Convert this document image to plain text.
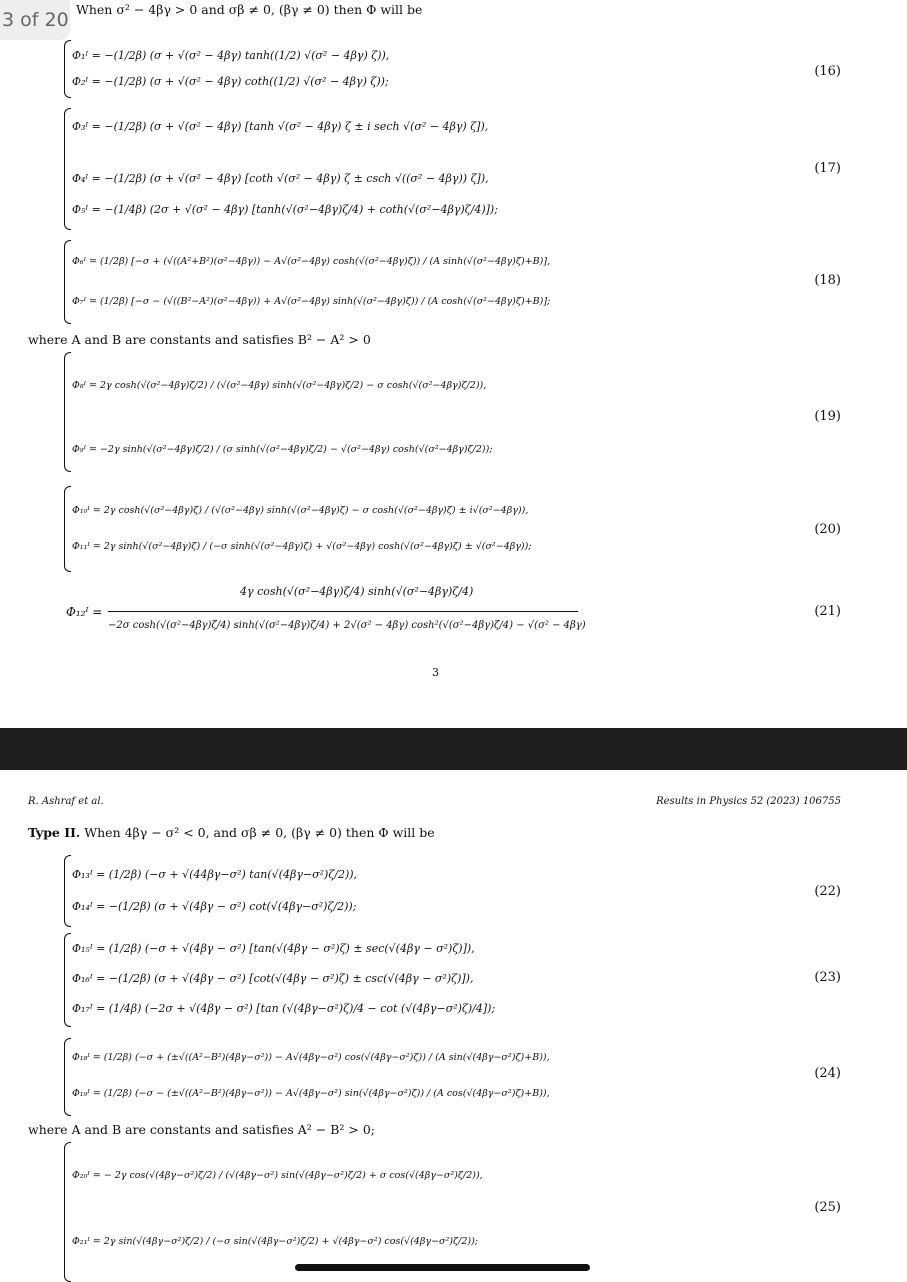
3 of 20 When σ² − 4βγ > 0 and σβ ≠ 0, (βγ ≠ 0) then Φ will be
Φ₁ᴵ = −(1/2β) (σ + √(σ² − 4βγ) tanh((1/2) √(σ² − 4βγ) ζ)),
Φ₂ᴵ = −(1/2β) (σ + √(σ² − 4βγ) coth((1/2) √(σ² − 4βγ) ζ));
(16)
Φ₃ᴵ = −(1/2β) (σ + √(σ² − 4βγ) [tanh √(σ² − 4βγ) ζ ± i sech √(σ² − 4βγ) ζ]),
Φ₄ᴵ = −(1/2β) (σ + √(σ² − 4βγ) [coth √(σ² − 4βγ) ζ ± csch √((σ² − 4βγ)) ζ]),
Φ₅ᴵ = −(1/4β) (2σ + √(σ² − 4βγ) [tanh(√(σ²−4βγ)ζ/4) + coth(√(σ²−4βγ)ζ/4)]);
(17)
Φ₆ᴵ = (1/2β) [−σ + (√((A²+B²)(σ²−4βγ)) − A√(σ²−4βγ) cosh(√(σ²−4βγ)ζ)) / (A sinh(√(σ²−4βγ)ζ)+B)],
Φ₇ᴵ = (1/2β) [−σ − (√((B²−A²)(σ²−4βγ)) + A√(σ²−4βγ) sinh(√(σ²−4βγ)ζ)) / (A cosh(√(σ²−4βγ)ζ)+B)];
(18)
where A and B are constants and satisfies B² − A² > 0
Φ₈ᴵ = 2γ cosh(√(σ²−4βγ)ζ/2) / (√(σ²−4βγ) sinh(√(σ²−4βγ)ζ/2) − σ cosh(√(σ²−4βγ)ζ/2)),
Φ₉ᴵ = −2γ sinh(√(σ²−4βγ)ζ/2) / (σ sinh(√(σ²−4βγ)ζ/2) − √(σ²−4βγ) cosh(√(σ²−4βγ)ζ/2));
(19)
Φ₁₀ᴵ = 2γ cosh(√(σ²−4βγ)ζ) / (√(σ²−4βγ) sinh(√(σ²−4βγ)ζ) − σ cosh(√(σ²−4βγ)ζ) ± i√(σ²−4βγ)),
Φ₁₁ᴵ = 2γ sinh(√(σ²−4βγ)ζ) / (−σ sinh(√(σ²−4βγ)ζ) + √(σ²−4βγ) cosh(√(σ²−4βγ)ζ) ± √(σ²−4βγ));
(20)
Φ₁₂ᴵ =
4γ cosh(√(σ²−4βγ)ζ/4) sinh(√(σ²−4βγ)ζ/4)
−2σ cosh(√(σ²−4βγ)ζ/4) sinh(√(σ²−4βγ)ζ/4) + 2√(σ² − 4βγ) cosh²(√(σ²−4βγ)ζ/4) − √(σ² − 4βγ)
(21)
3
R. Ashraf et al.	Results in Physics 52 (2023) 106755
Type II. When 4βγ − σ² < 0, and σβ ≠ 0, (βγ ≠ 0) then Φ will be
Φ₁₃ᴵ = (1/2β) (−σ + √(44βγ−σ²) tan(√(4βγ−σ²)ζ/2)),
Φ₁₄ᴵ = −(1/2β) (σ + √(4βγ − σ²) cot(√(4βγ−σ²)ζ/2));
(22)
Φ₁₅ᴵ = (1/2β) (−σ + √(4βγ − σ²) [tan(√(4βγ − σ²)ζ) ± sec(√(4βγ − σ²)ζ)]),
Φ₁₆ᴵ = −(1/2β) (σ + √(4βγ − σ²) [cot(√(4βγ − σ²)ζ) ± csc(√(4βγ − σ²)ζ)]),
Φ₁₇ᴵ = (1/4β) (−2σ + √(4βγ − σ²) [tan (√(4βγ−σ²)ζ)/4 − cot (√(4βγ−σ²)ζ)/4]);
(23)
Φ₁₈ᴵ = (1/2β) (−σ + (±√((A²−B²)(4βγ−σ²)) − A√(4βγ−σ²) cos(√(4βγ−σ²)ζ)) / (A sin(√(4βγ−σ²)ζ)+B)),
Φ₁₉ᴵ = (1/2β) (−σ − (±√((A²−B²)(4βγ−σ²)) − A√(4βγ−σ²) sin(√(4βγ−σ²)ζ)) / (A cos(√(4βγ−σ²)ζ)+B)),
(24)
where A and B are constants and satisfies A² − B² > 0;
Φ₂₀ᴵ = − 2γ cos(√(4βγ−σ²)ζ/2) / (√(4βγ−σ²) sin(√(4βγ−σ²)ζ/2) + σ cos(√(4βγ−σ²)ζ/2)),
Φ₂₁ᴵ = 2γ sin(√(4βγ−σ²)ζ/2) / (−σ sin(√(4βγ−σ²)ζ/2) + √(4βγ−σ²) cos(√(4βγ−σ²)ζ/2));
(25)
